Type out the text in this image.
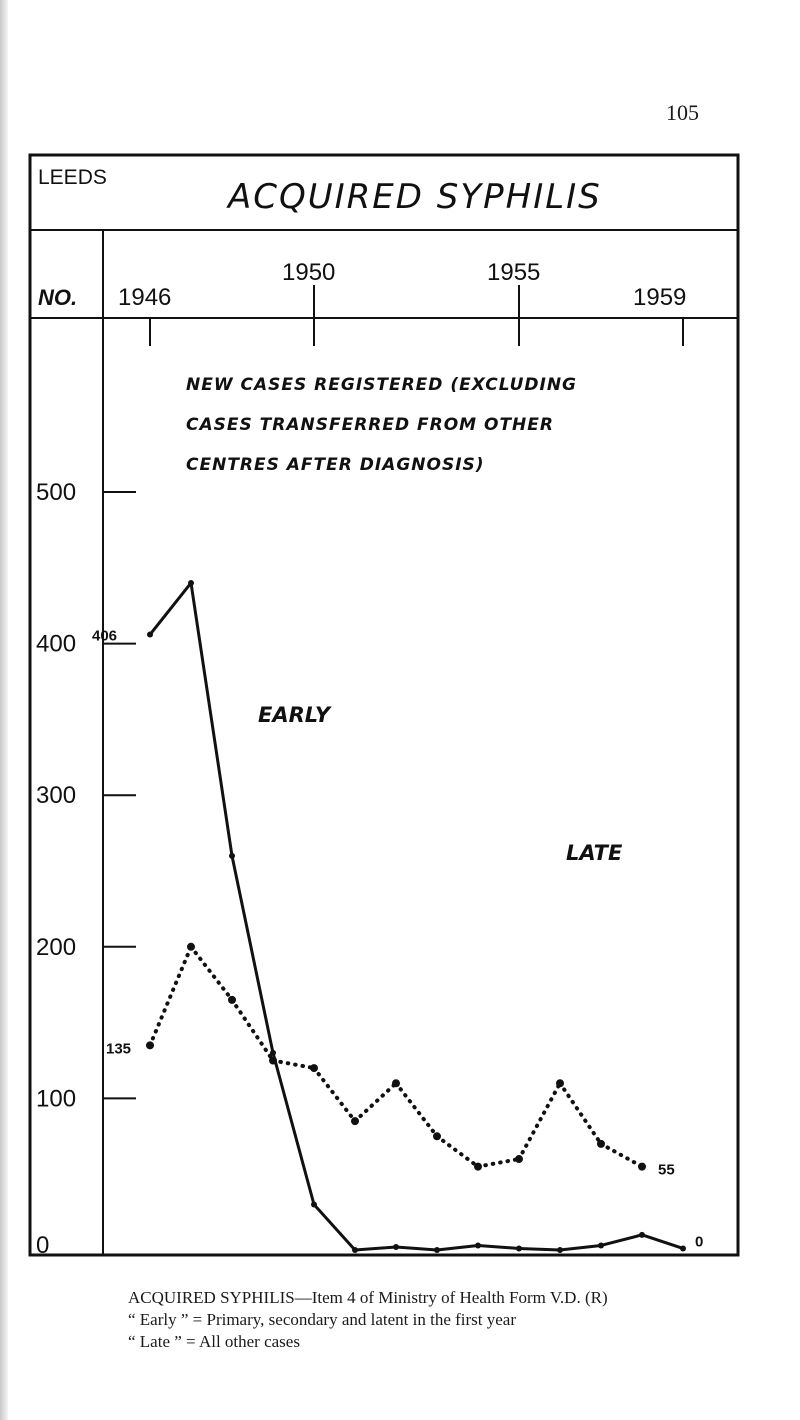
105
LEEDS	ACQUIRED SYPHILIS
NO.
NEW CASES REGISTERED (EXCLUDING
CASES TRANSFERRED FROM OTHER
CENTRES AFTER DIAGNOSIS)
1946
1950	1955
1959
500
400
300
200
100
0
406
135
55
0
EARLY
LATE
ACQUIRED SYPHILIS—Item 4 of Ministry of Health Form V.D. (R)
“ Early ” = Primary, secondary and latent in the first year
“ Late ” = All other cases
